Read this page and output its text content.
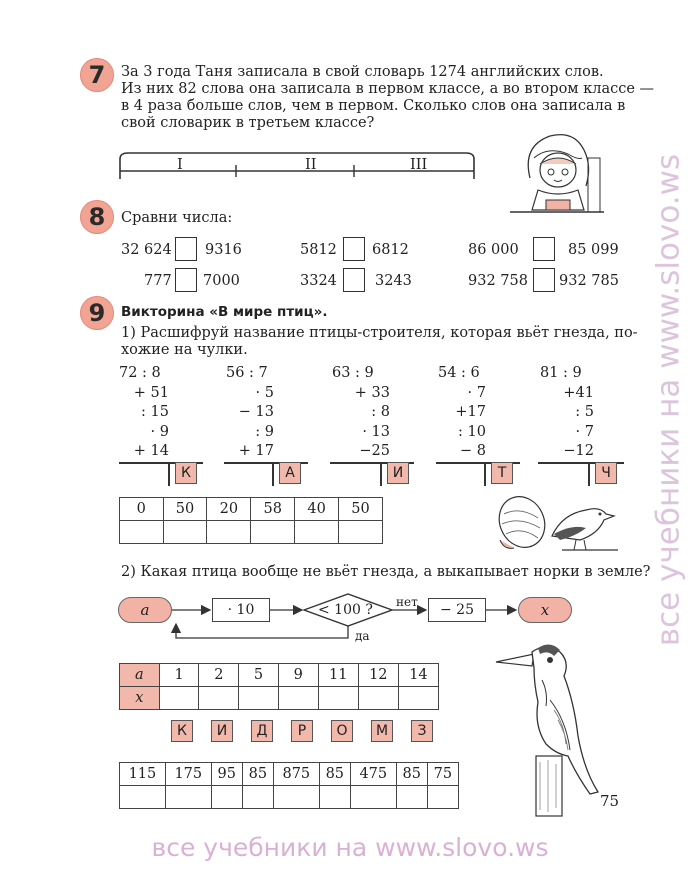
7	За 3 года Таня записала в свой словарь 1274 английских слов.
Из них 82 слова она записала в первом классе, а во втором классе —
в 4 раза больше слов, чем в первом. Сколько слов она записала в
свой словарик в третьем классе?
I	II	III
8	Сравни числа:
32 624 9316	5812 6812	86 000	85 099
777 7000	3324	3243	932 758 932 785
9	Викторина «В мире птиц».
1) Расшифруй название птицы-строителя, которая вьёт гнезда, по-
хожие на чулки.
72 : 8
+ 51
: 15
· 9
+ 14
К
56 : 7
· 5
− 13
: 9
+ 17
А
63 : 9
+ 33
: 8
· 13
−25
И
54 : 6
· 7
+17
: 10
− 8
Т
81 : 9
+41
: 5
· 7
−12
Ч
0	50	20	58	40	50

2) Какая птица вообще не вьёт гнезда, а выкапывает норки в земле?
a	· 10	< 100 ? нет
да
− 25	x
a	1	2	5	9	11	12	14
x							
К	И	Д	Р	О	М	З
115	175	95	85	875	85	475	85	75

75
все учебники на www.slovo.ws
все учебники на www.slovo.ws
